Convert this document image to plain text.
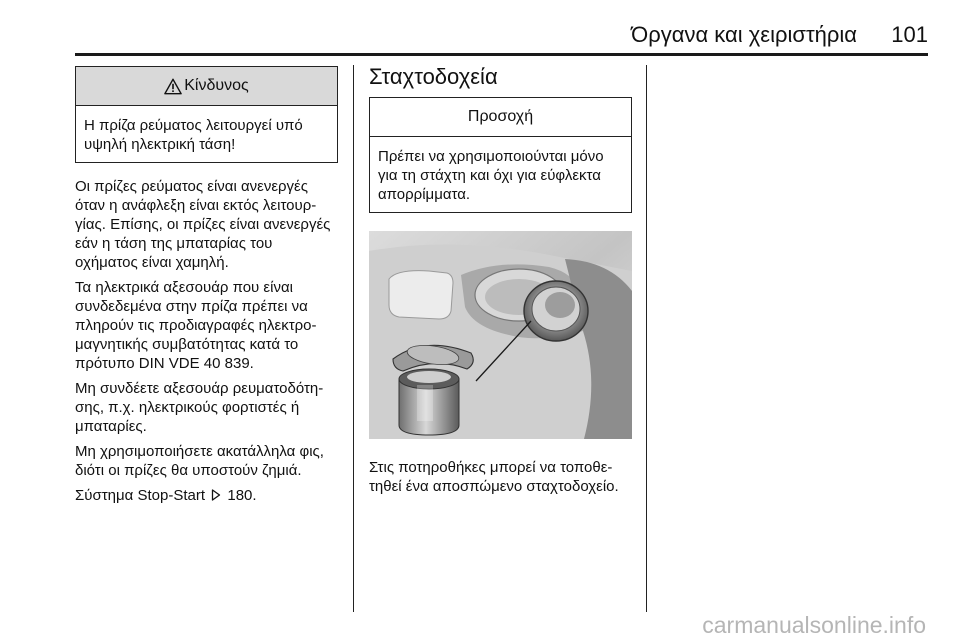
Όργανα και χειριστήρια 101
Κίνδυνος
Η πρίζα ρεύματος λειτουργεί υπό υψηλή ηλεκτρική τάση!

Οι πρίζες ρεύματος είναι ανενεργές όταν η ανάφλεξη είναι εκτός λειτουργίας. Επίσης, οι πρίζες είναι ανενεργές εάν η τάση της μπαταρίας του οχήματος είναι χαμηλή.

Τα ηλεκτρικά αξεσουάρ που είναι συνδεδεμένα στην πρίζα πρέπει να πληρούν τις προδιαγραφές ηλεκτρομαγνητικής συμβατότητας κατά το πρότυπο DIN VDE 40 839.

Μη συνδέετε αξεσουάρ ρευματοδότησης, π.χ. ηλεκτρικούς φορτιστές ή μπαταρίες.

Μη χρησιμοποιήσετε ακατάλληλα φις, διότι οι πρίζες θα υποστούν ζημιά.

Σύστημα Stop-Start 180.

Σταχτοδοχεία
Προσοχή
Πρέπει να χρησιμοποιούνται μόνο για τη στάχτη και όχι για εύφλεκτα απορρίμματα.

Στις ποτηροθήκες μπορεί να τοποθετηθεί ένα αποσπώμενο σταχτοδοχείο.

carmanualsonline.info
